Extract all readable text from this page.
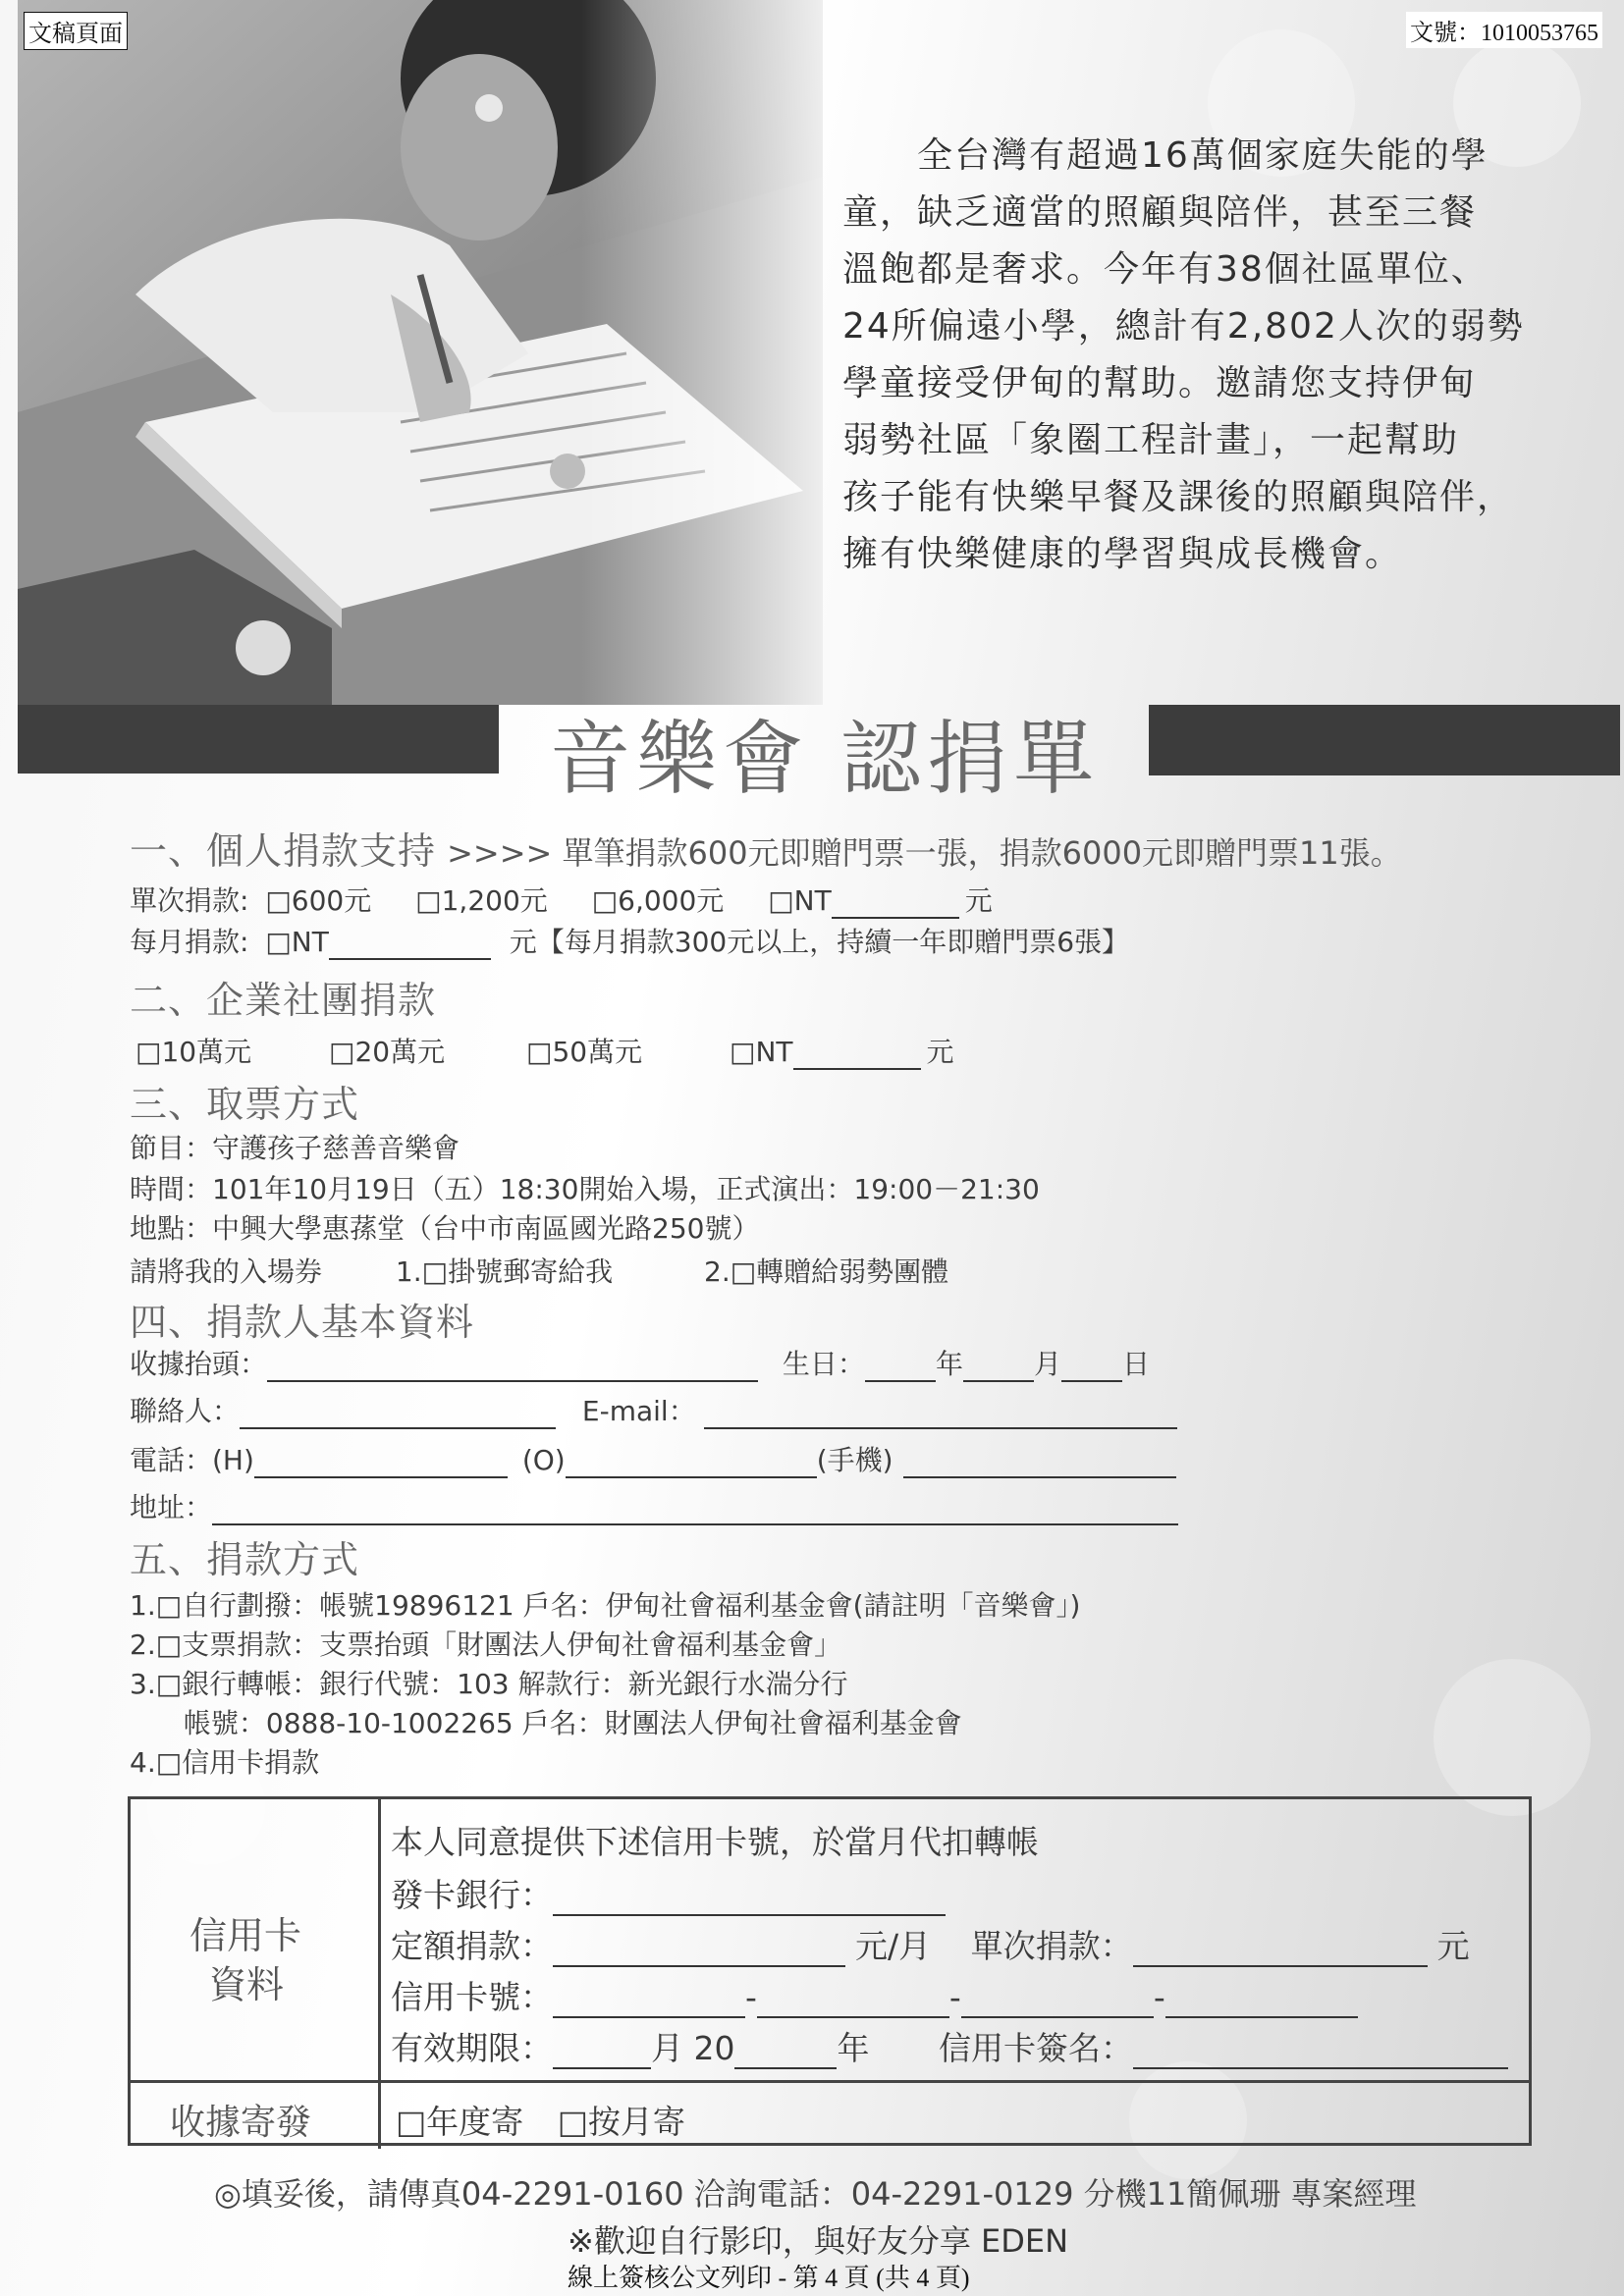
文稿頁面	文號：1010053765
　　全台灣有超過16萬個家庭失能的學
童，缺乏適當的照顧與陪伴，甚至三餐
溫飽都是奢求。今年有38個社區單位、
24所偏遠小學，總計有2,802人次的弱勢
學童接受伊甸的幫助。邀請您支持伊甸
弱勢社區「象圈工程計畫」，一起幫助
孩子能有快樂早餐及課後的照顧與陪伴，
擁有快樂健康的學習與成長機會。
音樂會 認捐單
一、個人捐款支持 >>>> 單筆捐款600元即贈門票一張，捐款6000元即贈門票11張。
單次捐款: □600元 □1,200元 □6,000元 □NT	元
每月捐款: □NT	元【每月捐款300元以上，持續一年即贈門票6張】
二、企業社團捐款
□10萬元	□20萬元	□50萬元	□NT	元
三、取票方式
節目：守護孩子慈善音樂會
時間：101年10月19日（五）18:30開始入場，正式演出：19:00－21:30
地點：中興大學惠蓀堂（台中市南區國光路250號）
請將我的入場券	1.□掛號郵寄給我	2.□轉贈給弱勢團體
四、捐款人基本資料
收據抬頭：	生日：	年	月 日
聯絡人：	E-mail：
電話：(H)	(O)	(手機)
地址：
五、捐款方式
1.□自行劃撥：帳號19896121 戶名：伊甸社會福利基金會(請註明「音樂會」)
2.□支票捐款：支票抬頭「財團法人伊甸社會福利基金會」
3.□銀行轉帳：銀行代號：103 解款行：新光銀行水湍分行
　 帳號：0888-10-1002265 戶名：財團法人伊甸社會福利基金會
4.□信用卡捐款
信用卡
資料
本人同意提供下述信用卡號，於當月代扣轉帳
發卡銀行：
定額捐款：	元/月 單次捐款：	元
信用卡號：	-	-	-
有效期限：	月 20	年 信用卡簽名：
收據寄發	□年度寄 □按月寄
◎填妥後，請傳真04-2291-0160 洽詢電話：04-2291-0129 分機11簡佩珊 專案經理
※歡迎自行影印，與好友分享 EDEN
線上簽核公文列印 - 第 4 頁 (共 4 頁)
